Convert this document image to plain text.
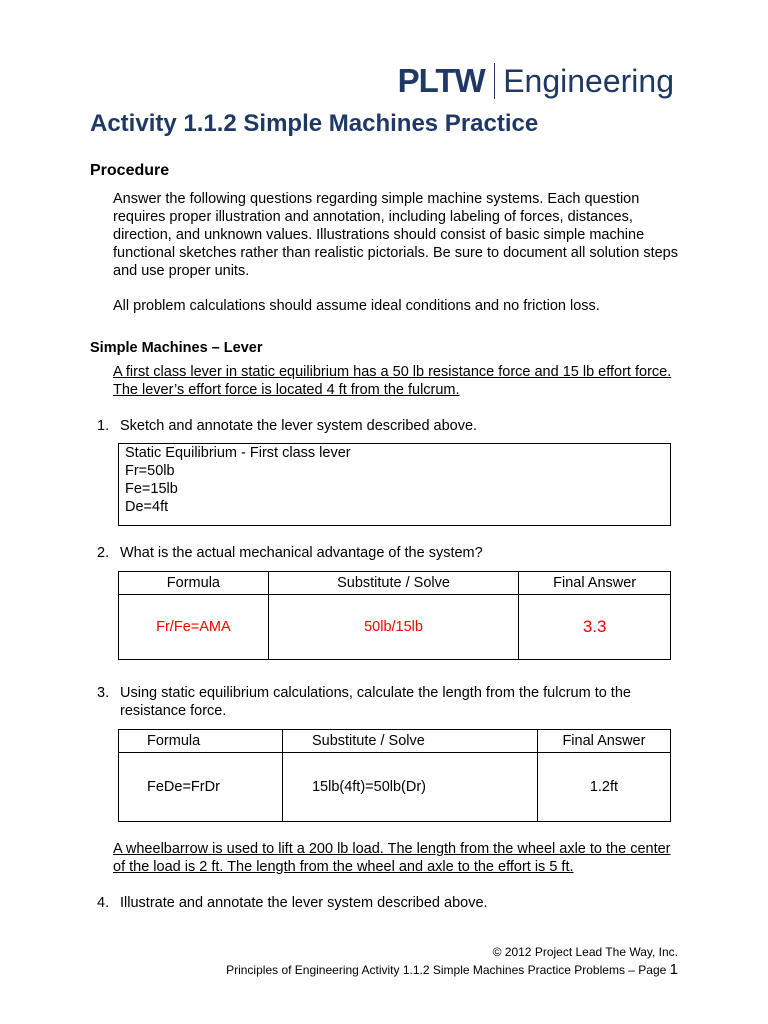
PLTW Engineering
Activity 1.1.2 Simple Machines Practice
Procedure
Answer the following questions regarding simple machine systems. Each question requires proper illustration and annotation, including labeling of forces, distances, direction, and unknown values. Illustrations should consist of basic simple machine functional sketches rather than realistic pictorials. Be sure to document all solution steps and use proper units.
All problem calculations should assume ideal conditions and no friction loss.
Simple Machines – Lever
A first class lever in static equilibrium has a 50 lb resistance force and 15 lb effort force. The lever’s effort force is located 4 ft from the fulcrum.
1. Sketch and annotate the lever system described above.
Static Equilibrium - First class lever
Fr=50lb
Fe=15lb
De=4ft
2. What is the actual mechanical advantage of the system?
Formula	Substitute / Solve	Final Answer
Fr/Fe=AMA	50lb/15lb	3.3
3. Using static equilibrium calculations, calculate the length from the fulcrum to the resistance force.
Formula	Substitute / Solve	Final Answer
FeDe=FrDr	15lb(4ft)=50lb(Dr)	1.2ft
A wheelbarrow is used to lift a 200 lb load. The length from the wheel axle to the center of the load is 2 ft. The length from the wheel and axle to the effort is 5 ft.
4. Illustrate and annotate the lever system described above.
© 2012 Project Lead The Way, Inc.
Principles of Engineering Activity 1.1.2 Simple Machines Practice Problems – Page 1
